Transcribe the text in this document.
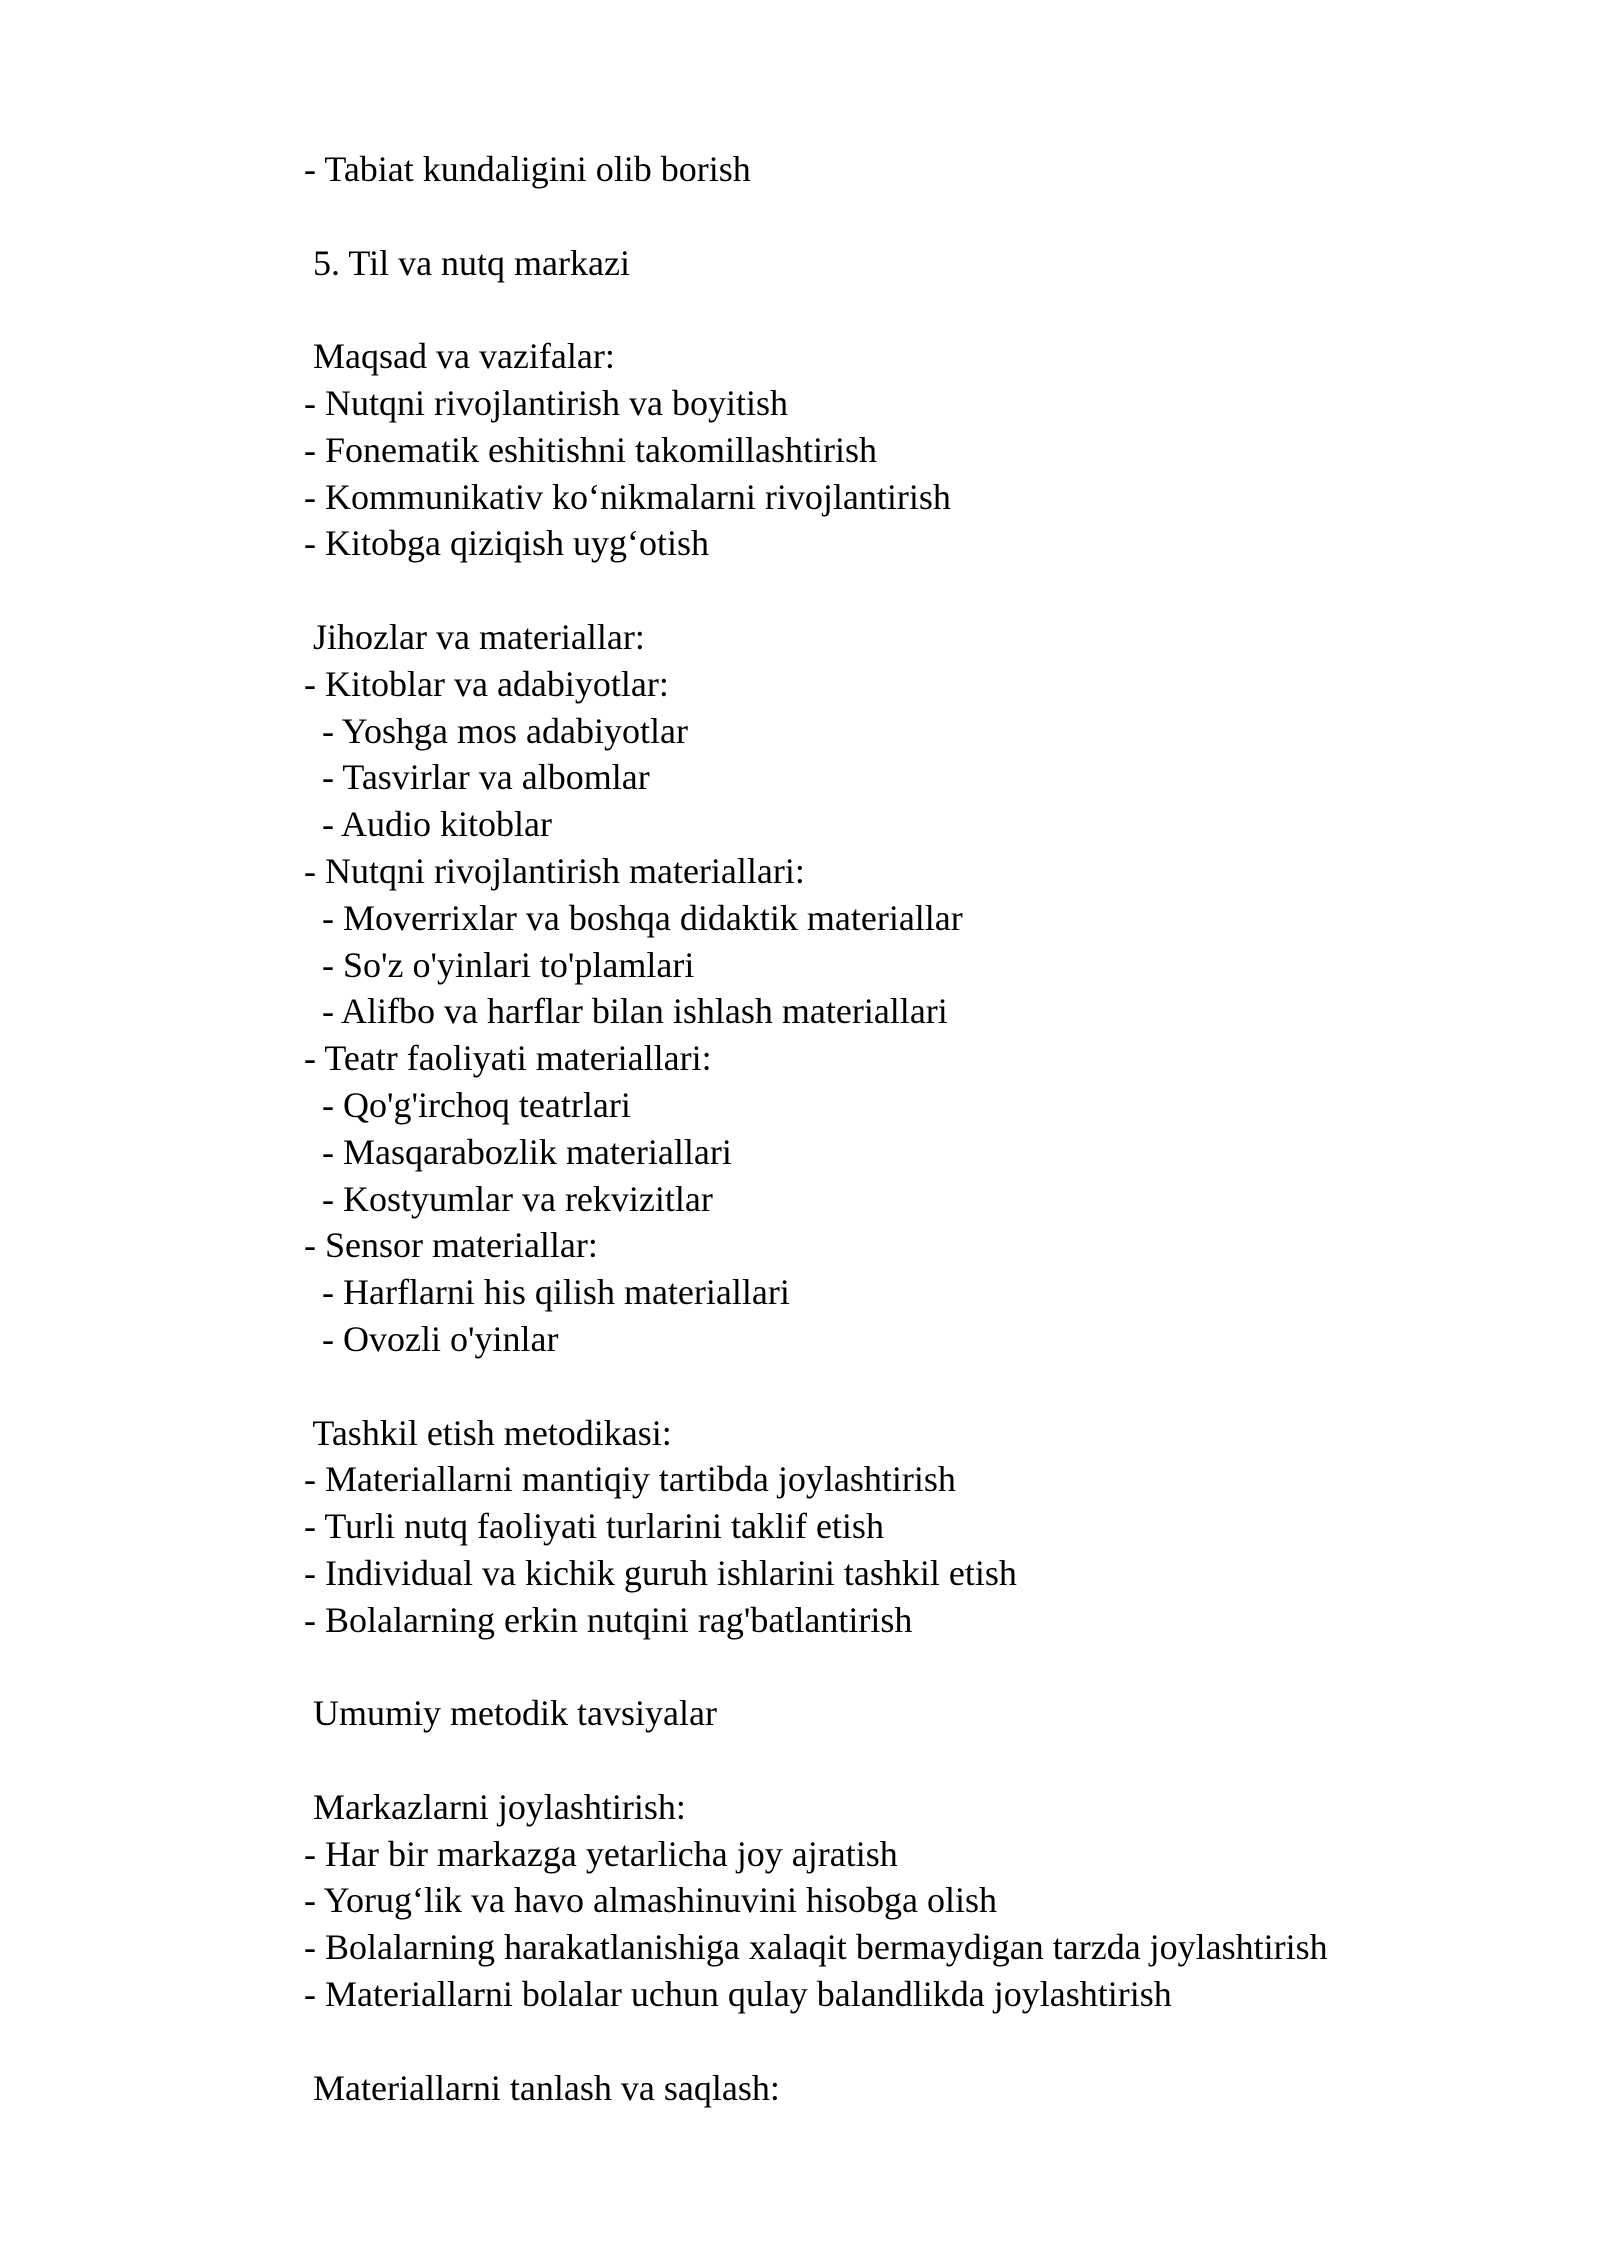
- Tabiat kundaligini olib borish
5. Til va nutq markazi
Maqsad va vazifalar:
- Nutqni rivojlantirish va boyitish
- Fonematik eshitishni takomillashtirish
- Kommunikativ ko‘nikmalarni rivojlantirish
- Kitobga qiziqish uyg‘otish
Jihozlar va materiallar:
- Kitoblar va adabiyotlar:
- Yoshga mos adabiyotlar
- Tasvirlar va albomlar
- Audio kitoblar
- Nutqni rivojlantirish materiallari:
- Moverrixlar va boshqa didaktik materiallar
- So'z o'yinlari to'plamlari
- Alifbo va harflar bilan ishlash materiallari
- Teatr faoliyati materiallari:
- Qo'g'irchoq teatrlari
- Masqarabozlik materiallari
- Kostyumlar va rekvizitlar
- Sensor materiallar:
- Harflarni his qilish materiallari
- Ovozli o'yinlar
Tashkil etish metodikasi:
- Materiallarni mantiqiy tartibda joylashtirish
- Turli nutq faoliyati turlarini taklif etish
- Individual va kichik guruh ishlarini tashkil etish
- Bolalarning erkin nutqini rag'batlantirish
Umumiy metodik tavsiyalar
Markazlarni joylashtirish:
- Har bir markazga yetarlicha joy ajratish
- Yorug‘lik va havo almashinuvini hisobga olish
- Bolalarning harakatlanishiga xalaqit bermaydigan tarzda joylashtirish
- Materiallarni bolalar uchun qulay balandlikda joylashtirish
Materiallarni tanlash va saqlash:
